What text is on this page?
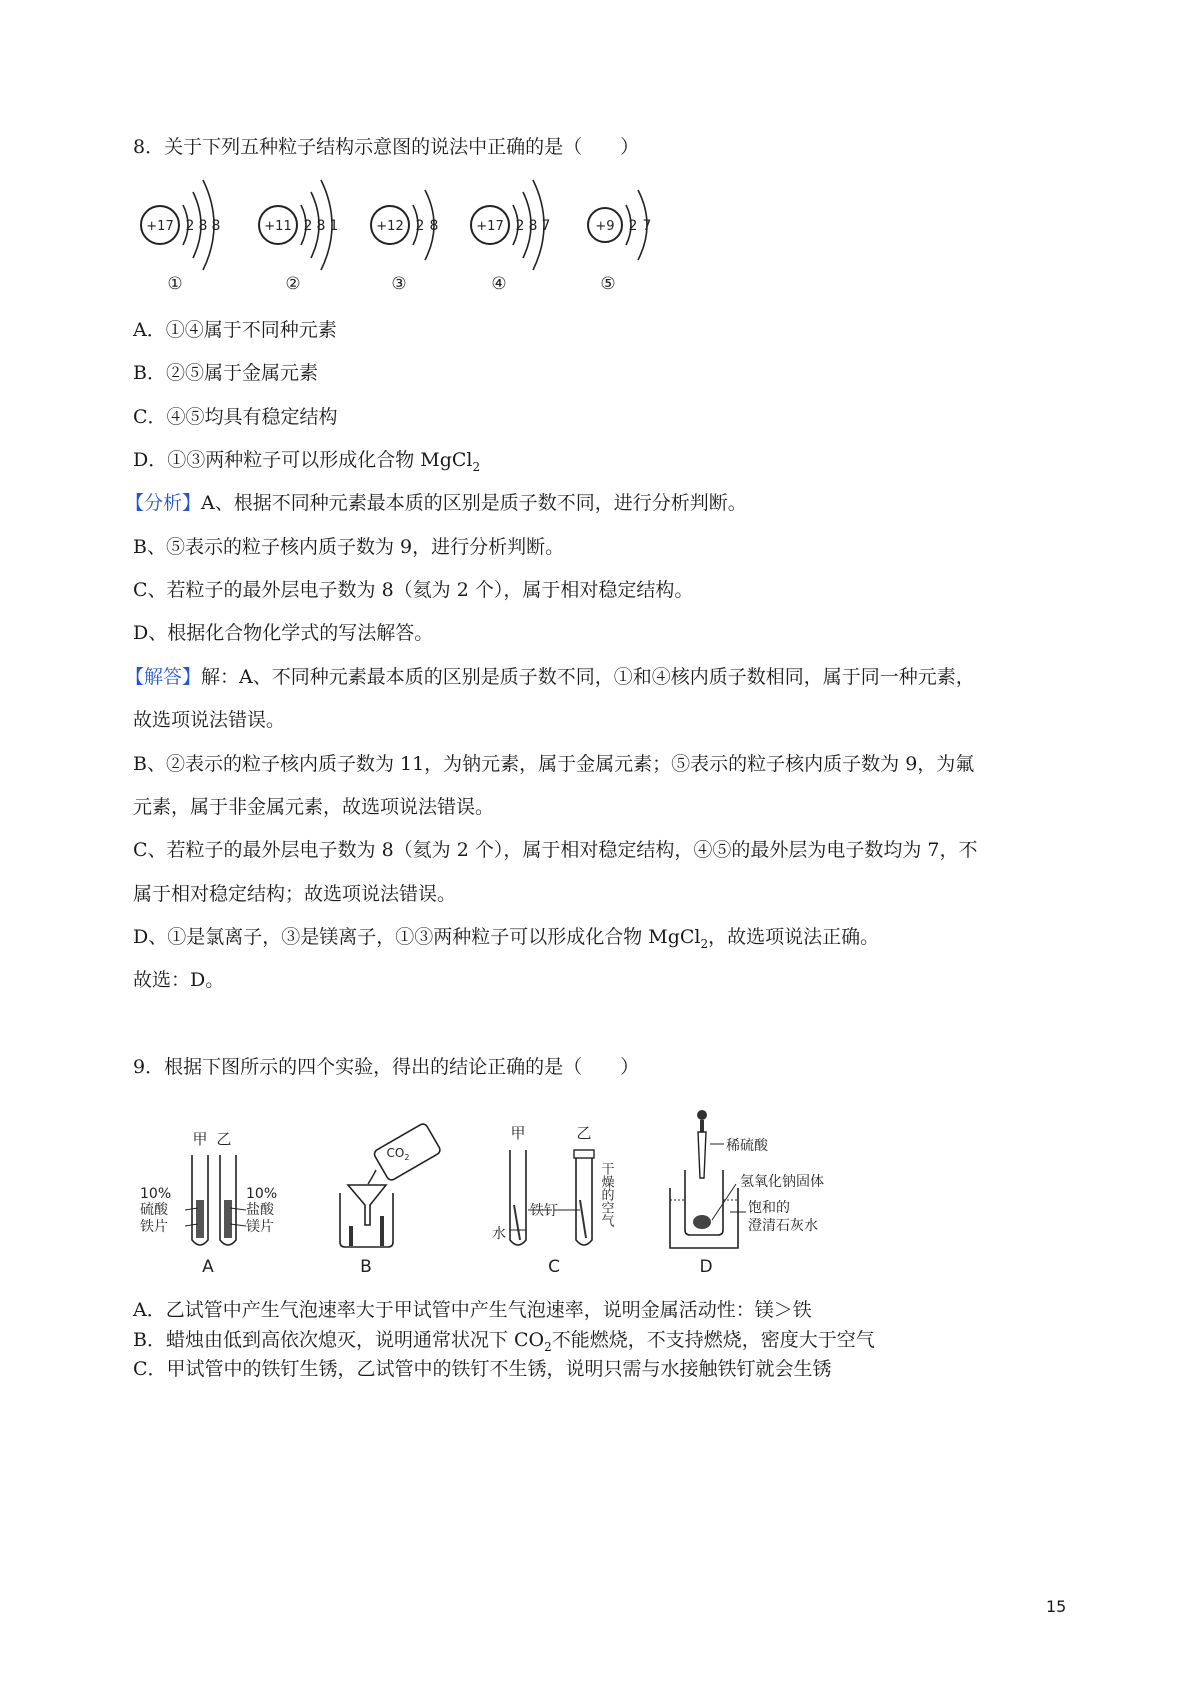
8．关于下列五种粒子结构示意图的说法中正确的是（　　）
+17 2 8 8
①
+11 2 8 1
②
+12 2 8
③
+17 2 8 7
④
+9 2 7
⑤
A．①④属于不同种元素
B．②⑤属于金属元素
C．④⑤均具有稳定结构
D．①③两种粒子可以形成化合物 MgCl$_2$
【分析】A、根据不同种元素最本质的区别是质子数不同，进行分析判断。
B、⑤表示的粒子核内质子数为 9，进行分析判断。
C、若粒子的最外层电子数为 8（氦为 2 个），属于相对稳定结构。
D、根据化合物化学式的写法解答。
【解答】解：A、不同种元素最本质的区别是质子数不同，①和④核内质子数相同，属于同一种元素，
故选项说法错误。
B、②表示的粒子核内质子数为 11，为钠元素，属于金属元素；⑤表示的粒子核内质子数为 9，为氟
元素，属于非金属元素，故选项说法错误。
C、若粒子的最外层电子数为 8（氦为 2 个），属于相对稳定结构，④⑤的最外层为电子数均为 7，不
属于相对稳定结构；故选项说法错误。
D、①是氯离子，③是镁离子，①③两种粒子可以形成化合物 MgCl$_2$，故选项说法正确。
故选：D。
9．根据下图所示的四个实验，得出的结论正确的是（　　）
甲 乙
10%
硫酸
铁片
10%
盐酸
镁片
A
$CO_2$
B
甲	乙
水
铁钉	干燥的空气
C
稀硫酸
氢氧化钠固体
饱和的
澄清石灰水
D
A．乙试管中产生气泡速率大于甲试管中产生气泡速率，说明金属活动性：镁＞铁
B．蜡烛由低到高依次熄灭，说明通常状况下 $CO_2$不能燃烧，不支持燃烧，密度大于空气
C．甲试管中的铁钉生锈，乙试管中的铁钉不生锈，说明只需与水接触铁钉就会生锈
15
